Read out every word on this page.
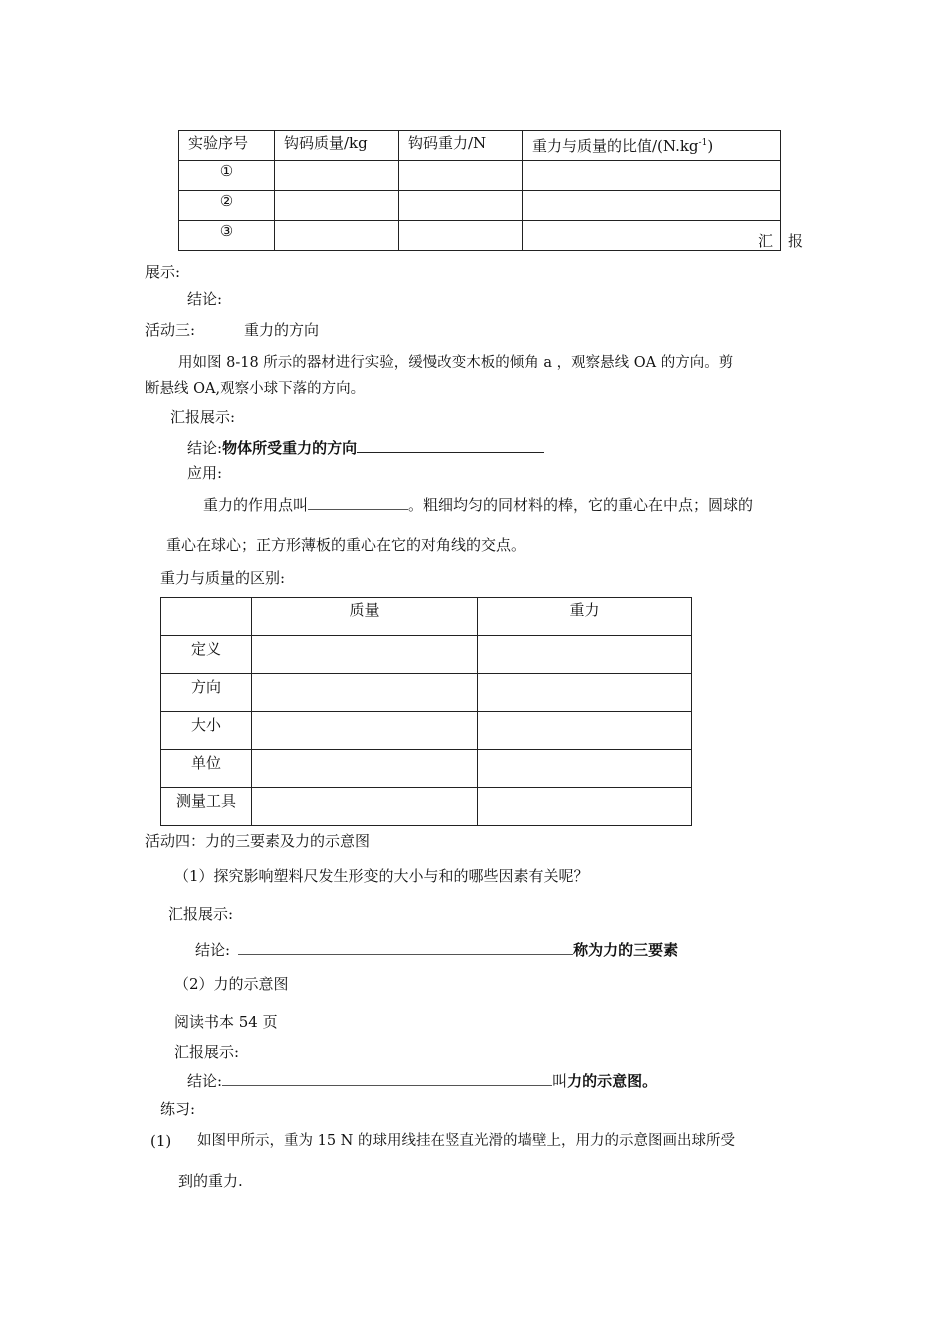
实验序号	钩码质量/kg	钩码重力/N	重力与质量的比值$/(N.kg^{-1})$
①			
②			
③			
汇　报
展示:
结论:
活动三:	重力的方向
用如图 8-18 所示的器材进行实验，缓慢改变木板的倾角 a ，观察悬线 OA 的方向。剪
断悬线 OA,观察小球下落的方向。
汇报展示:
结论:物体所受重力的方向
应用:
重力的作用点叫	。粗细均匀的同材料的棒，它的重心在中点；圆球的
重心在球心；正方形薄板的重心在它的对角线的交点。
重力与质量的区别:
	质量	重力
定义		
方向		
大小		
单位		
测量工具		
活动四：力的三要素及力的示意图
（1）探究影响塑料尺发生形变的大小与和的哪些因素有关呢？
汇报展示:
结论:	称为力的三要素
（2）力的示意图
阅读书本 54 页
汇报展示:
结论:	叫力的示意图。
练习:
(1) 如图甲所示，重为 15 N 的球用线挂在竖直光滑的墙壁上，用力的示意图画出球所受
到的重力.
